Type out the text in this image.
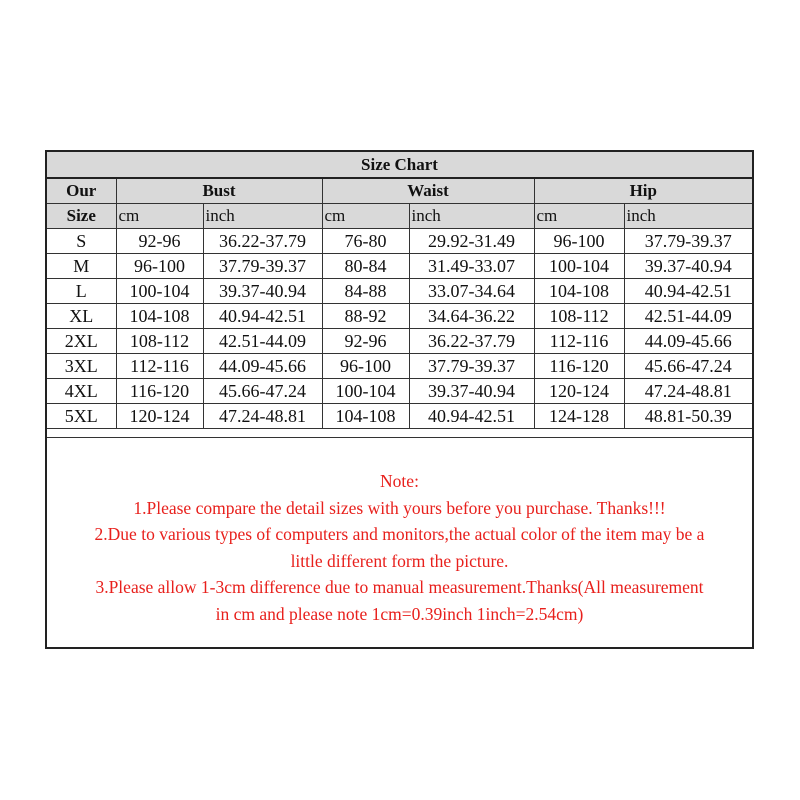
Size Chart
Our	Bust		Waist		Hip	
Size	cm	inch	cm	inch	cm	inch
S	92-96	36.22-37.79	76-80	29.92-31.49	96-100	37.79-39.37
M	96-100	37.79-39.37	80-84	31.49-33.07	100-104	39.37-40.94
L	100-104	39.37-40.94	84-88	33.07-34.64	104-108	40.94-42.51
XL	104-108	40.94-42.51	88-92	34.64-36.22	108-112	42.51-44.09
2XL	108-112	42.51-44.09	92-96	36.22-37.79	112-116	44.09-45.66
3XL	112-116	44.09-45.66	96-100	37.79-39.37	116-120	45.66-47.24
4XL	116-120	45.66-47.24	100-104	39.37-40.94	120-124	47.24-48.81
5XL	120-124	47.24-48.81	104-108	40.94-42.51	124-128	48.81-50.39
Note:
1.Please compare the detail sizes with yours before you purchase. Thanks!!!
2.Due to various types of computers and monitors,the actual color of the item may be a
little different form the picture.
3.Please allow 1-3cm difference due to manual measurement.Thanks(All measurement
in cm and please note 1cm=0.39inch 1inch=2.54cm)
